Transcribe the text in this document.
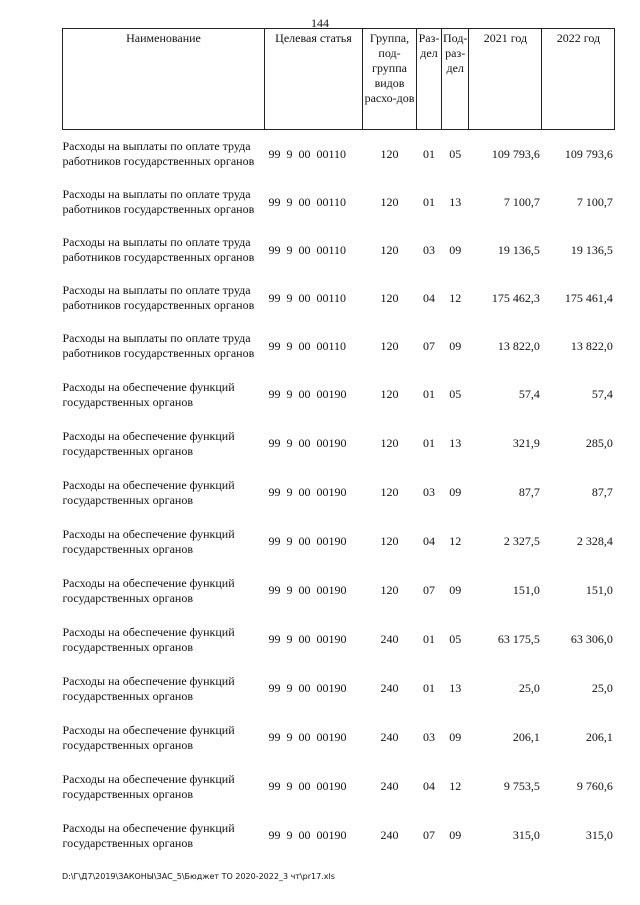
144
Наименование	Целевая статья	Группа, под-группа видов расхо-дов	Раз-дел	Под-раз-дел	2021 год	2022 год
Расходы на выплаты по оплате труда работников государственных органов	99  9  00  00110	120	01	05	109 793,6	109 793,6
Расходы на выплаты по оплате труда работников государственных органов	99  9  00  00110	120	01	13	7 100,7	7 100,7
Расходы на выплаты по оплате труда работников государственных органов	99  9  00  00110	120	03	09	19 136,5	19 136,5
Расходы на выплаты по оплате труда работников государственных органов	99  9  00  00110	120	04	12	175 462,3	175 461,4
Расходы на выплаты по оплате труда работников государственных органов	99  9  00  00110	120	07	09	13 822,0	13 822,0
Расходы на обеспечение функций государственных органов	99  9  00  00190	120	01	05	57,4	57,4
Расходы на обеспечение функций государственных органов	99  9  00  00190	120	01	13	321,9	285,0
Расходы на обеспечение функций государственных органов	99  9  00  00190	120	03	09	87,7	87,7
Расходы на обеспечение функций государственных органов	99  9  00  00190	120	04	12	2 327,5	2 328,4
Расходы на обеспечение функций государственных органов	99  9  00  00190	120	07	09	151,0	151,0
Расходы на обеспечение функций государственных органов	99  9  00  00190	240	01	05	63 175,5	63 306,0
Расходы на обеспечение функций государственных органов	99  9  00  00190	240	01	13	25,0	25,0
Расходы на обеспечение функций государственных органов	99  9  00  00190	240	03	09	206,1	206,1
Расходы на обеспечение функций государственных органов	99  9  00  00190	240	04	12	9 753,5	9 760,6
Расходы на обеспечение функций государственных органов	99  9  00  00190	240	07	09	315,0	315,0
D:\Г\Д7\2019\ЗАКОНЫ\ЗАС_5\Бюджет ТО 2020-2022_3 чт\pr17.xls
